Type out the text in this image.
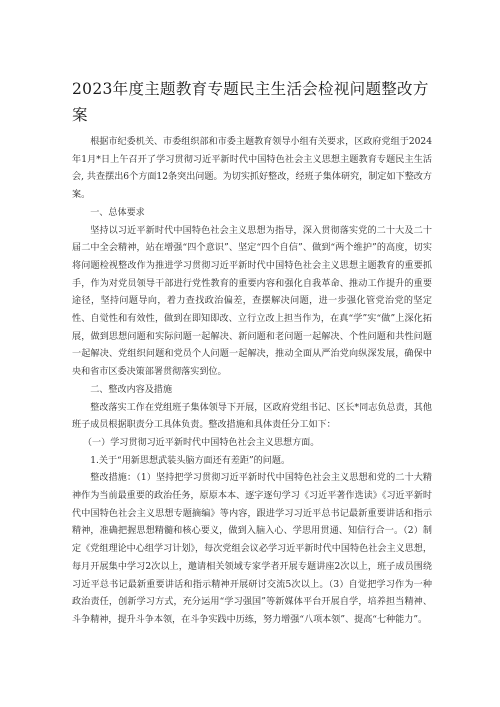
2023年度主题教育专题民主生活会检视问题整改方案

根据市纪委机关、市委组织部和市委主题教育领导小组有关要求，区政府党组于2024年1月*日上午召开了学习贯彻习近平新时代中国特色社会主义思想主题教育专题民主生活会, 共查摆出6个方面12条突出问题。为切实抓好整改，经班子集体研究，制定如下整改方案。

一、总体要求

坚持以习近平新时代中国特色社会主义思想为指导，深入贯彻落实党的二十大及二十届二中全会精神，站在增强“四个意识”、坚定“四个自信”、做到“两个维护”的高度，切实将问题检视整改作为推进学习贯彻习近平新时代中国特色社会主义思想主题教育的重要抓手，作为对党员领导干部进行党性教育的重要内容和强化自我革命、推动工作提升的重要途径，坚持问题导向，着力查找政治偏差，查摆解决问题，进一步强化管党治党的坚定性、自觉性和有效性，做到在即知即改、立行立改上担当作为，在真“学”实“做”上深化拓展，做到思想问题和实际问题一起解决、新问题和老问题一起解决、个性问题和共性问题一起解决、党组织问题和党员个人问题一起解决，推动全面从严治党向纵深发展，确保中央和省市区委决策部署贯彻落实到位。

二、整改内容及措施

整改落实工作在党组班子集体领导下开展，区政府党组书记、区长*同志负总责，其他班子成员根据职责分工具体负责。整改措施和具体责任分工如下：

（一）学习贯彻习近平新时代中国特色社会主义思想方面。

1.关于“用新思想武装头脑方面还有差距”的问题。

整改措施：（1）坚持把学习贯彻习近平新时代中国特色社会主义思想和党的二十大精神作为当前最重要的政治任务，原原本本、逐字逐句学习《习近平著作选读》《习近平新时代中国特色社会主义思想专题摘编》等内容，跟进学习习近平总书记最新重要讲话和指示精神，准确把握思想精髓和核心要义，做到入脑入心、学思用贯通、知信行合一。（2）制定《党组理论中心组学习计划》，每次党组会议必学习近平新时代中国特色社会主义思想，每月开展集中学习2次以上，邀请相关领域专家学者开展专题讲座2次以上，班子成员围绕习近平总书记最新重要讲话和指示精神开展研讨交流5次以上。（3）自觉把学习作为一种政治责任，创新学习方式，充分运用“学习强国”等新媒体平台开展自学，培养担当精神、斗争精神，提升斗争本领，在斗争实践中历练，努力增强“八项本领”、提高“七种能力”。
